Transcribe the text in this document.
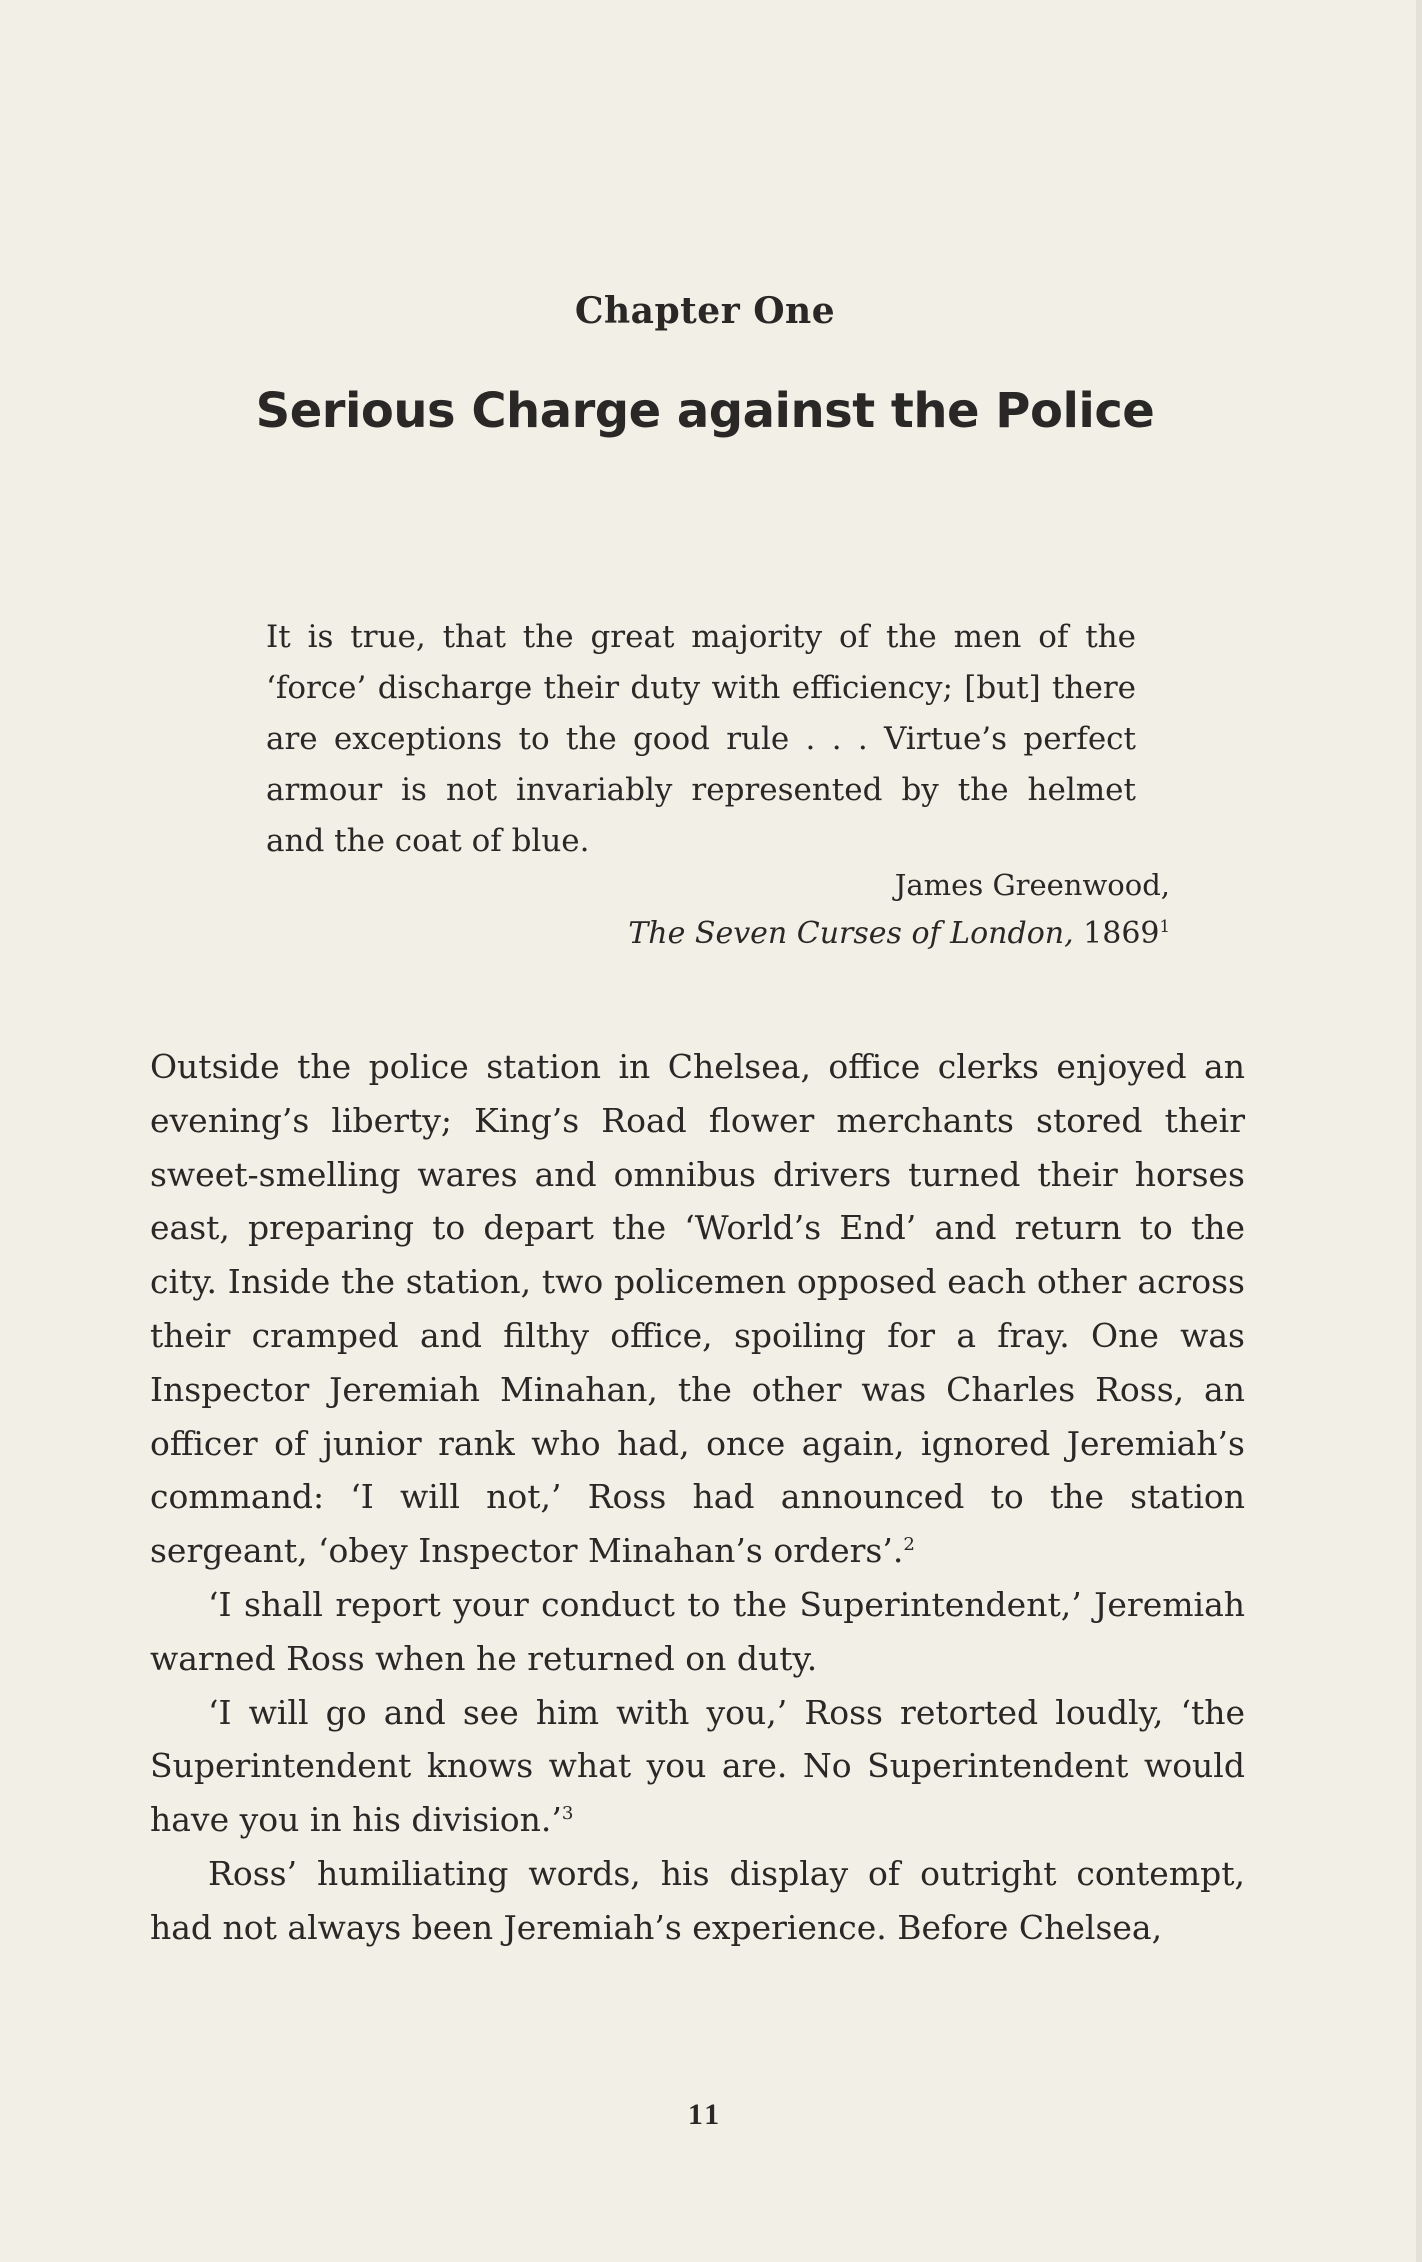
Chapter One
Serious Charge against the Police
It is true, that the great majority of the men of the ‘force’ discharge their duty with efficiency; [but] there are exceptions to the good rule . . . Virtue’s perfect armour is not invariably represented by the helmet and the coat of blue.
James Greenwood,
The Seven Curses of London, 1869$^1$

Outside the police station in Chelsea, office clerks enjoyed an evening’s liberty; King’s Road flower merchants stored their sweet-smelling wares and omnibus drivers turned their horses east, preparing to depart the ‘World’s End’ and return to the city. Inside the station, two policemen opposed each other across their cramped and filthy office, spoiling for a fray. One was Inspector Jeremiah Minahan, the other was Charles Ross, an officer of junior rank who had, once again, ignored Jeremiah’s command: ‘I will not,’ Ross had announced to the station sergeant, ‘obey Inspector Minahan’s orders’.$^2$

‘I shall report your conduct to the Superintendent,’ Jeremiah warned Ross when he returned on duty.

‘I will go and see him with you,’ Ross retorted loudly, ‘the Superintendent knows what you are. No Superintendent would have you in his division.’$^3$

Ross’ humiliating words, his display of outright contempt, had not always been Jeremiah’s experience. Before Chelsea,

11
